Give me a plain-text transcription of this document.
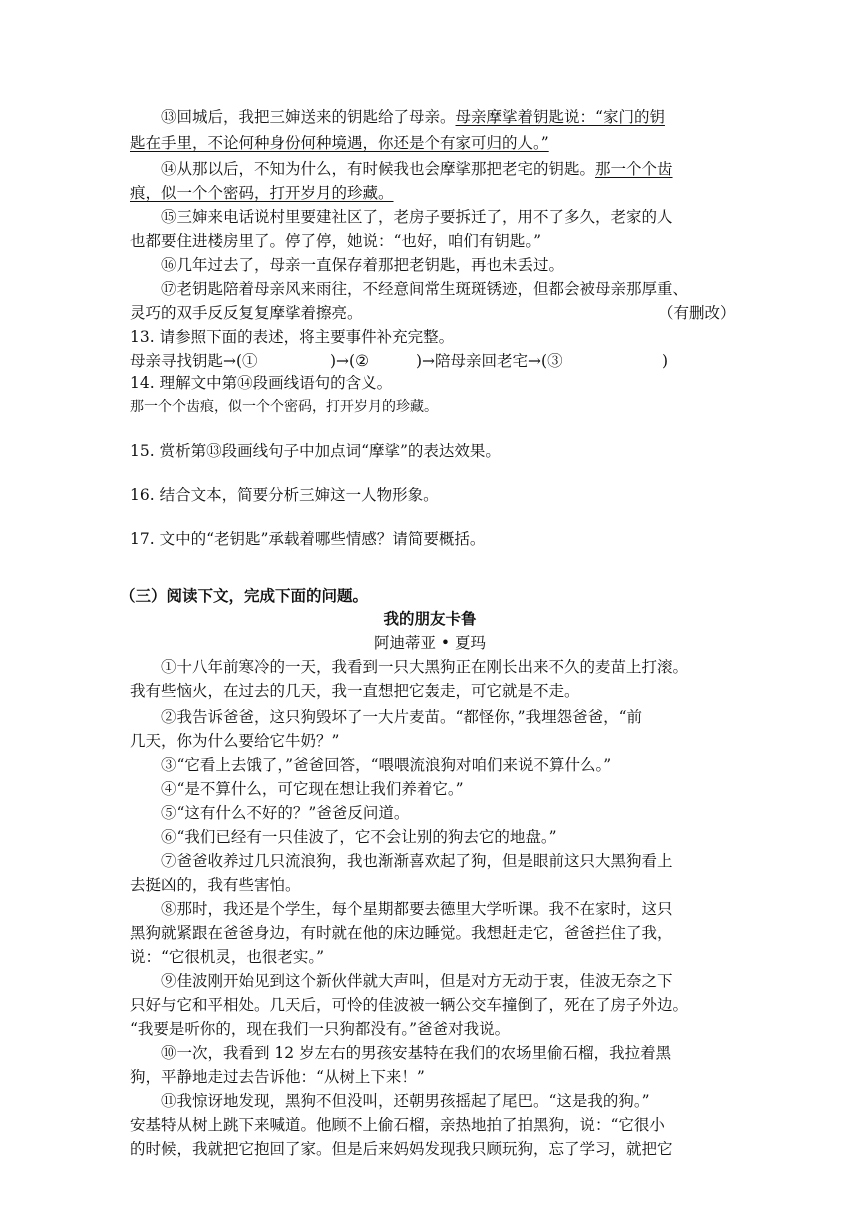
⑬回城后，我把三婶送来的钥匙给了母亲。母亲摩挲着钥匙说：“家门的钥
匙在手里，不论何种身份何种境遇，你还是个有家可归的人。”
⑭从那以后，不知为什么，有时候我也会摩挲那把老宅的钥匙。那一个个齿
痕，似一个个密码，打开岁月的珍藏。
⑮三婶来电话说村里要建社区了，老房子要拆迁了，用不了多久，老家的人
也都要住进楼房里了。停了停，她说：“也好，咱们有钥匙。”
⑯几年过去了，母亲一直保存着那把老钥匙，再也未丢过。
⑰老钥匙陪着母亲风来雨往，不经意间常生斑斑锈迹，但都会被母亲那厚重、
灵巧的双手反反复复摩挲着擦亮。	（有删改）
13. 请参照下面的表述，将主要事件补充完整。
母亲寻找钥匙→(①	)→(②	)→陪母亲回老宅→(③	)
14. 理解文中第⑭段画线语句的含义。
那一个个齿痕，似一个个密码，打开岁月的珍藏。
15. 赏析第⑬段画线句子中加点词“摩挲”的表达效果。
16. 结合文本，简要分析三婶这一人物形象。
17. 文中的“老钥匙”承载着哪些情感？请简要概括。
（三）阅读下文，完成下面的问题。
我的朋友卡鲁
阿迪蒂亚 • 夏玛
①十八年前寒冷的一天，我看到一只大黑狗正在刚长出来不久的麦苗上打滚。
我有些恼火，在过去的几天，我一直想把它轰走，可它就是不走。
②我告诉爸爸，这只狗毁坏了一大片麦苗。“都怪你，”我埋怨爸爸，“前
几天，你为什么要给它牛奶？”
③“它看上去饿了，”爸爸回答，“喂喂流浪狗对咱们来说不算什么。”
④“是不算什么，可它现在想让我们养着它。”
⑤“这有什么不好的？”爸爸反问道。
⑥“我们已经有一只佳波了，它不会让别的狗去它的地盘。”
⑦爸爸收养过几只流浪狗，我也渐渐喜欢起了狗，但是眼前这只大黑狗看上
去挺凶的，我有些害怕。
⑧那时，我还是个学生，每个星期都要去德里大学听课。我不在家时，这只
黑狗就紧跟在爸爸身边，有时就在他的床边睡觉。我想赶走它，爸爸拦住了我，
说：“它很机灵，也很老实。”
⑨佳波刚开始见到这个新伙伴就大声叫，但是对方无动于衷，佳波无奈之下
只好与它和平相处。几天后，可怜的佳波被一辆公交车撞倒了，死在了房子外边。
“我要是听你的，现在我们一只狗都没有。”爸爸对我说。
⑩一次，我看到 12 岁左右的男孩安基特在我们的农场里偷石榴，我拉着黑
狗，平静地走过去告诉他：“从树上下来！”
⑪我惊讶地发现，黑狗不但没叫，还朝男孩摇起了尾巴。“这是我的狗。”
安基特从树上跳下来喊道。他顾不上偷石榴，亲热地拍了拍黑狗，说：“它很小
的时候，我就把它抱回了家。但是后来妈妈发现我只顾玩狗，忘了学习，就把它
